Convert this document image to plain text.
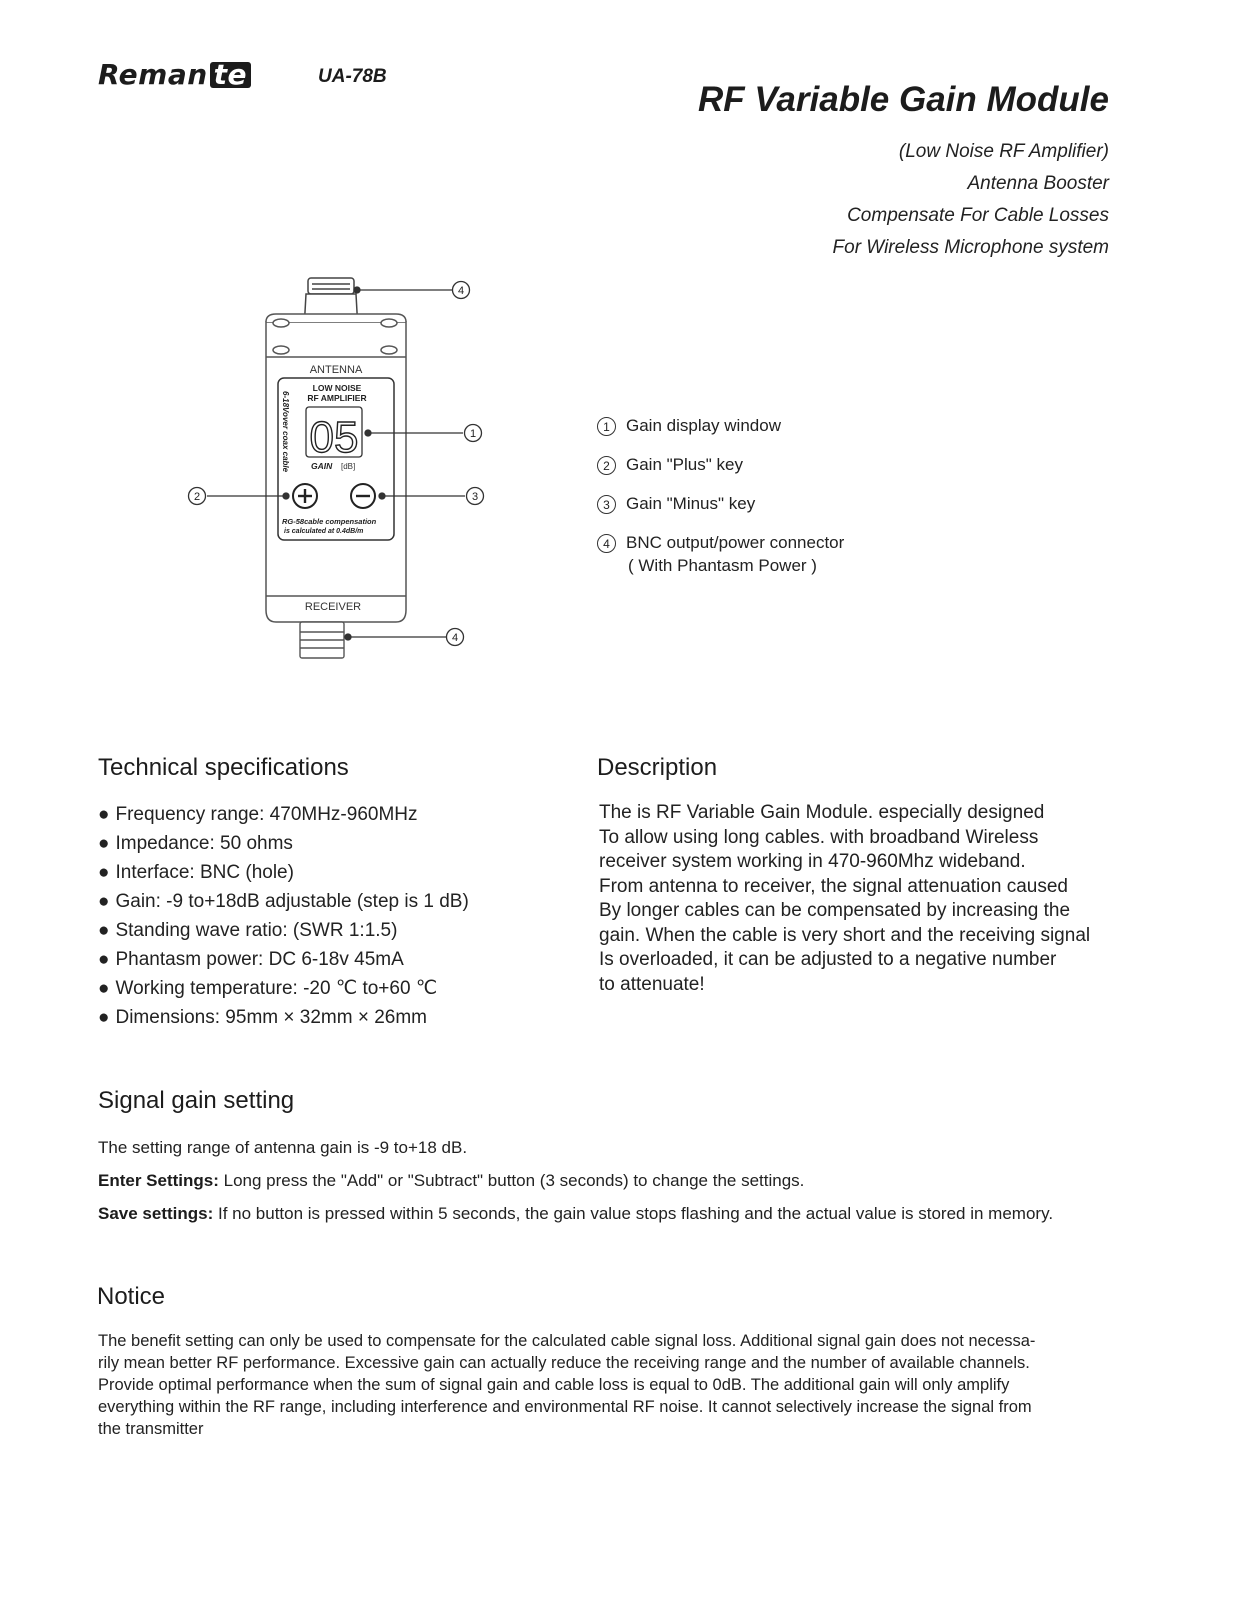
Reman te	UA-78B
RF Variable Gain Module
(Low Noise RF Amplifier)
Antenna Booster
Compensate For Cable Losses
For Wireless Microphone system
ANTENNA
LOW NOISE
RF AMPLIFIER
05
GAIN [dB]
6-18Vover coax cable
RG-58cable compensation
is calculated at 0.4dB/m
RECEIVER
4
1
2	3
4
1 Gain display window
2 Gain "Plus" key
3 Gain "Minus" key
4 BNC output/power connector
( With Phantasm Power )
Technical specifications
● Frequency range: 470MHz-960MHz
● Impedance: 50 ohms
● Interface: BNC (hole)
● Gain: -9 to+18dB adjustable (step is 1 dB)
● Standing wave ratio: (SWR 1:1.5)
● Phantasm power: DC 6-18v 45mA
● Working temperature: -20 ℃ to+60 ℃
● Dimensions: 95mm × 32mm × 26mm
Description
The is RF Variable Gain Module. especially designed
To allow using long cables. with broadband Wireless
receiver system working in 470-960Mhz wideband.
From antenna to receiver, the signal attenuation caused
By longer cables can be compensated by increasing the
gain. When the cable is very short and the receiving signal
Is overloaded, it can be adjusted to a negative number
to attenuate!
Signal gain setting
The setting range of antenna gain is -9 to+18 dB.
Enter Settings: Long press the "Add" or "Subtract" button (3 seconds) to change the settings.
Save settings: If no button is pressed within 5 seconds, the gain value stops flashing and the actual value is stored in memory.
Notice
The benefit setting can only be used to compensate for the calculated cable signal loss. Additional signal gain does not necessa-
rily mean better RF performance. Excessive gain can actually reduce the receiving range and the number of available channels.
Provide optimal performance when the sum of signal gain and cable loss is equal to 0dB. The additional gain will only amplify
everything within the RF range, including interference and environmental RF noise. It cannot selectively increase the signal from
the transmitter
